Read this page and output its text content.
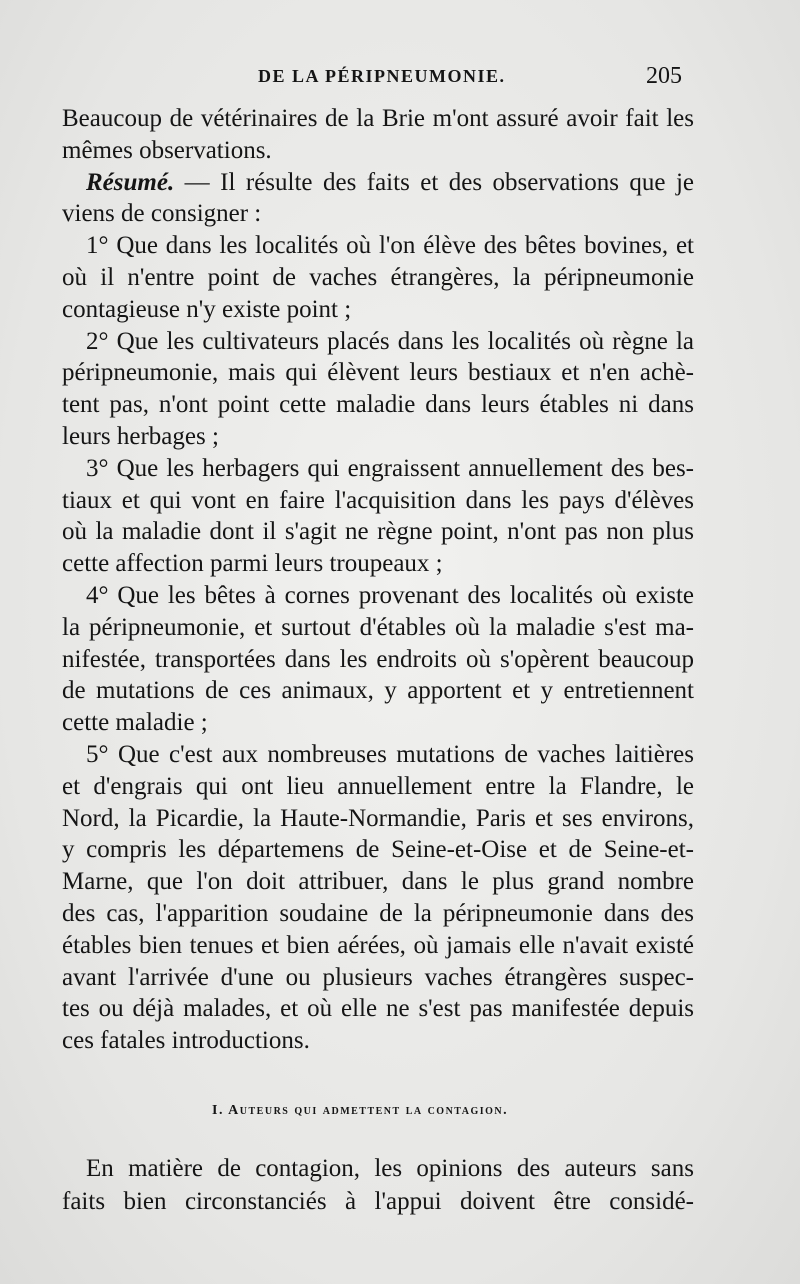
DE LA PÉRIPNEUMONIE.	205
Beaucoup de vétérinaires de la Brie m'ont assuré avoir fait les
mêmes observations.
Résumé. — Il résulte des faits et des observations que je
viens de consigner :
1° Que dans les localités où l'on élève des bêtes bovines, et
où il n'entre point de vaches étrangères, la péripneumonie
contagieuse n'y existe point ;
2° Que les cultivateurs placés dans les localités où règne la
péripneumonie, mais qui élèvent leurs bestiaux et n'en achè-
tent pas, n'ont point cette maladie dans leurs étables ni dans
leurs herbages ;
3° Que les herbagers qui engraissent annuellement des bes-
tiaux et qui vont en faire l'acquisition dans les pays d'élèves
où la maladie dont il s'agit ne règne point, n'ont pas non plus
cette affection parmi leurs troupeaux ;
4° Que les bêtes à cornes provenant des localités où existe
la péripneumonie, et surtout d'étables où la maladie s'est ma-
nifestée, transportées dans les endroits où s'opèrent beaucoup
de mutations de ces animaux, y apportent et y entretiennent
cette maladie ;
5° Que c'est aux nombreuses mutations de vaches laitières
et d'engrais qui ont lieu annuellement entre la Flandre, le
Nord, la Picardie, la Haute-Normandie, Paris et ses environs,
y compris les départemens de Seine-et-Oise et de Seine-et-
Marne, que l'on doit attribuer, dans le plus grand nombre
des cas, l'apparition soudaine de la péripneumonie dans des
étables bien tenues et bien aérées, où jamais elle n'avait existé
avant l'arrivée d'une ou plusieurs vaches étrangères suspec-
tes ou déjà malades, et où elle ne s'est pas manifestée depuis
ces fatales introductions.
I. Auteurs qui admettent la contagion.
En matière de contagion, les opinions des auteurs sans
faits bien circonstanciés à l'appui doivent être considé-
